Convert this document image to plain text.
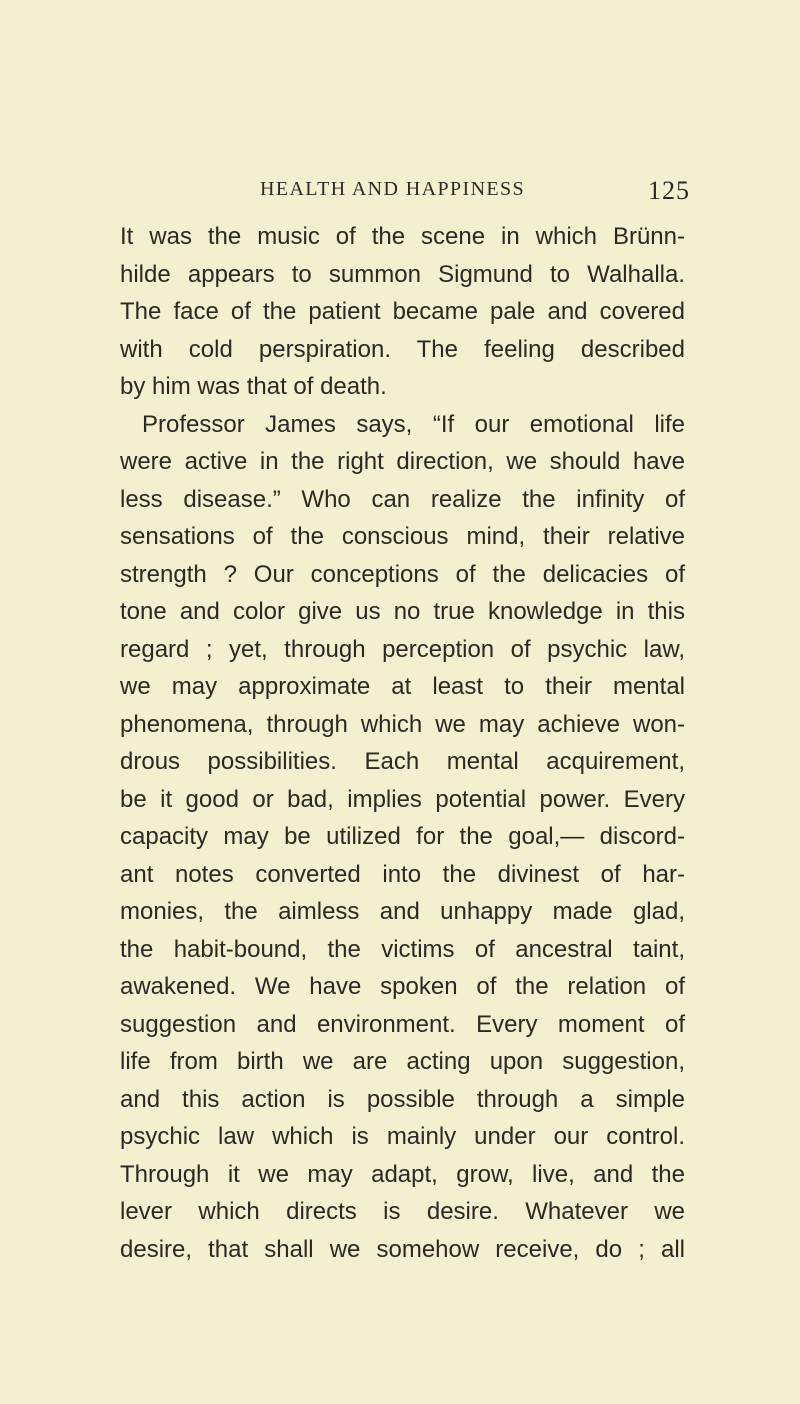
HEALTH AND HAPPINESS	125
It was the music of the scene in which Brünn-
hilde appears to summon Sigmund to Walhalla.
The face of the patient became pale and covered
with cold perspiration. The feeling described
by him was that of death.
Professor James says, “If our emotional life
were active in the right direction, we should have
less disease.” Who can realize the infinity of
sensations of the conscious mind, their relative
strength ? Our conceptions of the delicacies of
tone and color give us no true knowledge in this
regard ; yet, through perception of psychic law,
we may approximate at least to their mental
phenomena, through which we may achieve won-
drous possibilities. Each mental acquirement,
be it good or bad, implies potential power. Every
capacity may be utilized for the goal,— discord-
ant notes converted into the divinest of har-
monies, the aimless and unhappy made glad,
the habit-bound, the victims of ancestral taint,
awakened. We have spoken of the relation of
suggestion and environment. Every moment of
life from birth we are acting upon suggestion,
and this action is possible through a simple
psychic law which is mainly under our control.
Through it we may adapt, grow, live, and the
lever which directs is desire. Whatever we
desire, that shall we somehow receive, do ; all
